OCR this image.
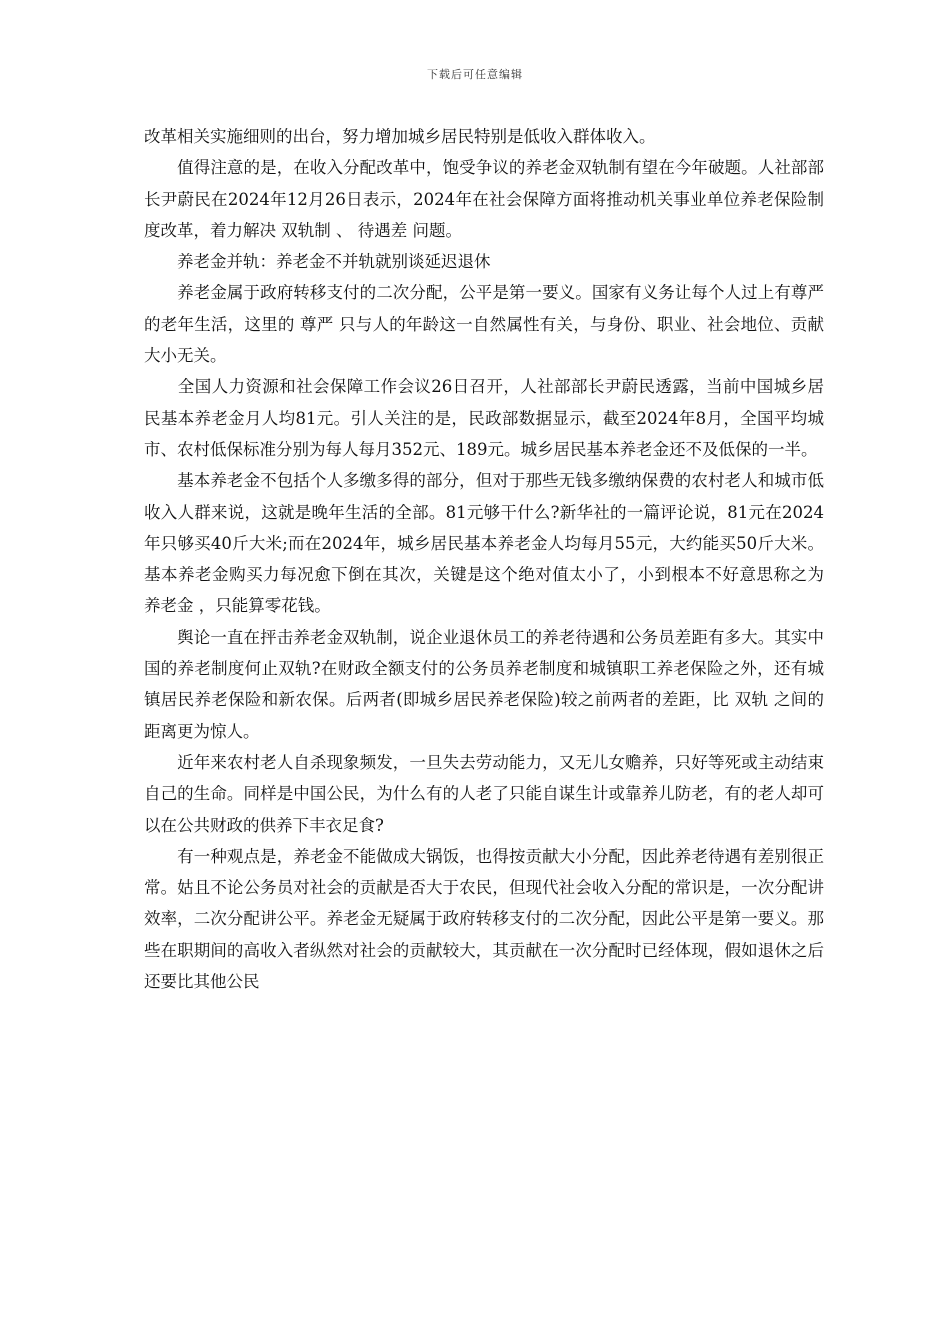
下载后可任意编辑

改革相关实施细则的出台，努力增加城乡居民特别是低收入群体收入。

　　值得注意的是，在收入分配改革中，饱受争议的养老金双轨制有望在今年破题。人社部部长尹蔚民在2024年12月26日表示，2024年在社会保障方面将推动机关事业单位养老保险制度改革，着力解决 双轨制 、 待遇差 问题。

　　养老金并轨：养老金不并轨就别谈延迟退休

　　养老金属于政府转移支付的二次分配，公平是第一要义。国家有义务让每个人过上有尊严的老年生活，这里的 尊严 只与人的年龄这一自然属性有关，与身份、职业、社会地位、贡献大小无关。

　　全国人力资源和社会保障工作会议26日召开，人社部部长尹蔚民透露，当前中国城乡居民基本养老金月人均81元。引人关注的是，民政部数据显示，截至2024年8月，全国平均城市、农村低保标准分别为每人每月352元、189元。城乡居民基本养老金还不及低保的一半。

　　基本养老金不包括个人多缴多得的部分，但对于那些无钱多缴纳保费的农村老人和城市低收入人群来说，这就是晚年生活的全部。81元够干什么?新华社的一篇评论说，81元在2024年只够买40斤大米;而在2024年，城乡居民基本养老金人均每月55元，大约能买50斤大米。基本养老金购买力每况愈下倒在其次，关键是这个绝对值太小了，小到根本不好意思称之为 养老金 ，只能算零花钱。

　　舆论一直在抨击养老金双轨制，说企业退休员工的养老待遇和公务员差距有多大。其实中国的养老制度何止双轨?在财政全额支付的公务员养老制度和城镇职工养老保险之外，还有城镇居民养老保险和新农保。后两者(即城乡居民养老保险)较之前两者的差距，比 双轨 之间的距离更为惊人。

　　近年来农村老人自杀现象频发，一旦失去劳动能力，又无儿女赡养，只好等死或主动结束自己的生命。同样是中国公民，为什么有的人老了只能自谋生计或靠养儿防老，有的老人却可以在公共财政的供养下丰衣足食?

　　有一种观点是，养老金不能做成大锅饭，也得按贡献大小分配，因此养老待遇有差别很正常。姑且不论公务员对社会的贡献是否大于农民，但现代社会收入分配的常识是，一次分配讲效率，二次分配讲公平。养老金无疑属于政府转移支付的二次分配，因此公平是第一要义。那些在职期间的高收入者纵然对社会的贡献较大，其贡献在一次分配时已经体现，假如退休之后还要比其他公民
